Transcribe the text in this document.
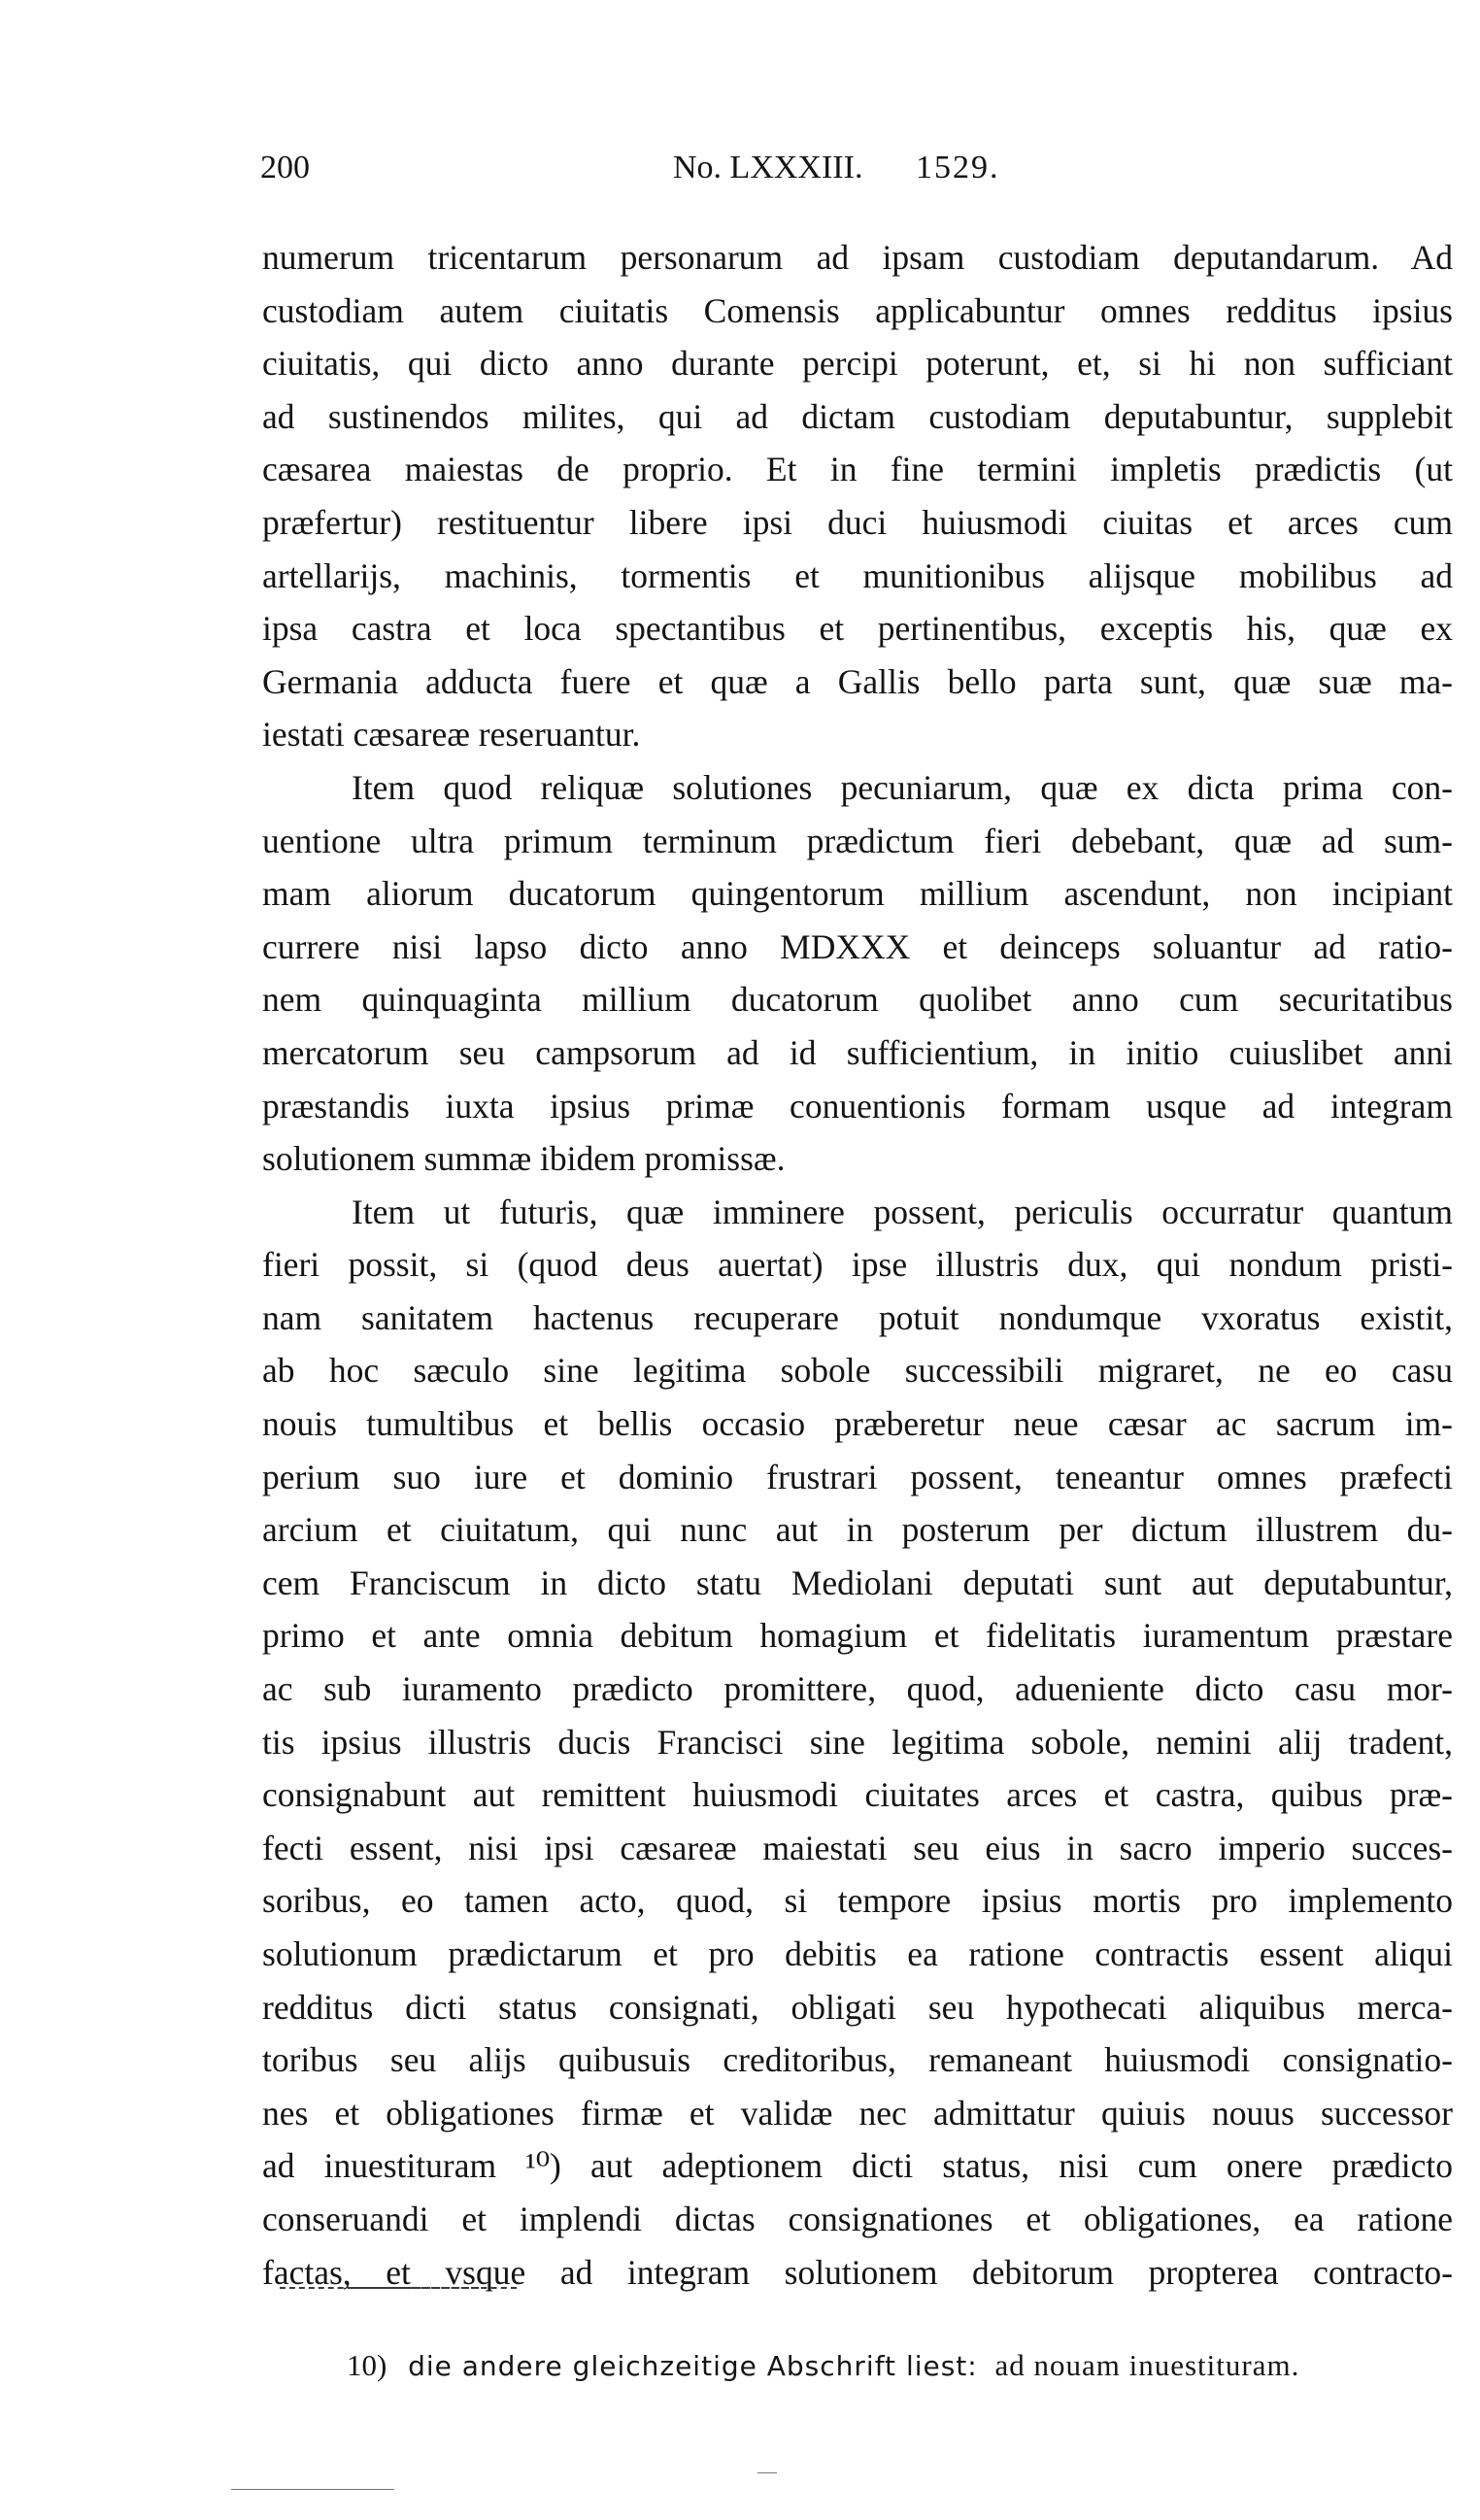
200	No. LXXXIII. 1529.
numerum tricentarum personarum ad ipsam custodiam deputandarum. Ad
custodiam autem ciuitatis Comensis applicabuntur omnes redditus ipsius
ciuitatis, qui dicto anno durante percipi poterunt, et, si hi non sufficiant
ad sustinendos milites, qui ad dictam custodiam deputabuntur, supplebit
cæsarea maiestas de proprio. Et in fine termini impletis prædictis (ut
præfertur) restituentur libere ipsi duci huiusmodi ciuitas et arces cum
artellarijs, machinis, tormentis et munitionibus alijsque mobilibus ad
ipsa castra et loca spectantibus et pertinentibus, exceptis his, quæ ex
Germania adducta fuere et quæ a Gallis bello parta sunt, quæ suæ ma-
iestati cæsareæ reseruantur.
Item quod reliquæ solutiones pecuniarum, quæ ex dicta prima con-
uentione ultra primum terminum prædictum fieri debebant, quæ ad sum-
mam aliorum ducatorum quingentorum millium ascendunt, non incipiant
currere nisi lapso dicto anno MDXXX et deinceps soluantur ad ratio-
nem quinquaginta millium ducatorum quolibet anno cum securitatibus
mercatorum seu campsorum ad id sufficientium, in initio cuiuslibet anni
præstandis iuxta ipsius primæ conuentionis formam usque ad integram
solutionem summæ ibidem promissæ.
Item ut futuris, quæ imminere possent, periculis occurratur quantum
fieri possit, si (quod deus auertat) ipse illustris dux, qui nondum pristi-
nam sanitatem hactenus recuperare potuit nondumque vxoratus existit,
ab hoc sæculo sine legitima sobole successibili migraret, ne eo casu
nouis tumultibus et bellis occasio præberetur neue cæsar ac sacrum im-
perium suo iure et dominio frustrari possent, teneantur omnes præfecti
arcium et ciuitatum, qui nunc aut in posterum per dictum illustrem du-
cem Franciscum in dicto statu Mediolani deputati sunt aut deputabuntur,
primo et ante omnia debitum homagium et fidelitatis iuramentum præstare
ac sub iuramento prædicto promittere, quod, adueniente dicto casu mor-
tis ipsius illustris ducis Francisci sine legitima sobole, nemini alij tradent,
consignabunt aut remittent huiusmodi ciuitates arces et castra, quibus præ-
fecti essent, nisi ipsi cæsareæ maiestati seu eius in sacro imperio succes-
soribus, eo tamen acto, quod, si tempore ipsius mortis pro implemento
solutionum prædictarum et pro debitis ea ratione contractis essent aliqui
redditus dicti status consignati, obligati seu hypothecati aliquibus merca-
toribus seu alijs quibusuis creditoribus, remaneant huiusmodi consignatio-
nes et obligationes firmæ et validæ nec admittatur quiuis nouus successor
ad inuestituram ¹⁰) aut adeptionem dicti status, nisi cum onere prædicto
conseruandi et implendi dictas consignationes et obligationes, ea ratione
factas, et vsque ad integram solutionem debitorum propterea contracto-
10) die andere gleichzeitige Abschrift liest: ad nouam inuestituram.
